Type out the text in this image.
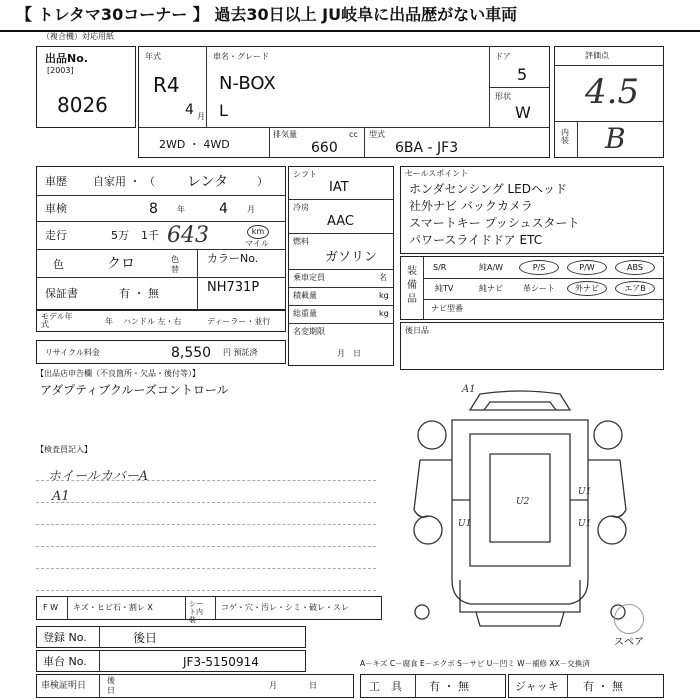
【 トレタマ30コーナー 】 過去30日以上 JU岐阜に出品歴がない車両
（複合機）対応用紙
出品No.
[2003]
8026
年式
R4
4 月
車名・グレード
N-BOX
L
ドア
5
形状
W
2WD ・ 4WD
排気量	cc
660
型式
6BA - JF3
評価点
4.5
内装 B
車歴 自家用 ・ （ レンタ	）
車検	8 年 4 月
走行	5万 1千 643	km
マイル
色	クロ	色替
カラーNo.
NH731P
保証書	有 ・ 無
モデル年式	年 ハンドル 左・右	ディーラー・並行
リサイクル料金	8,550 円 預託済
シフト
IAT
冷房
AAC
燃料
ガソリン
乗車定員	名
積載量	kg
総重量	kg
名変期限
月　日
セールスポイント
ホンダセンシング LEDヘッド
社外ナビ バックカメラ
スマートキー プッシュスタート
パワースライドドア ETC
装備品
S/R	純A/W	P/S	P/W	ABS
純TV	純ナビ	革シート	外ナビ	エアB
ナビ型番
後日品
【出品店申告欄（不良箇所・欠品・後付等）】
アダプティブクルーズコントロール
【検査員記入】
ホイールカバーA
A1
A1
U2
U1
U1
U1
スペア
F W キズ・ヒビ石・割レ X	シート内装
コゲ・穴・汚レ・シミ・破レ・スレ
登録 No.	後日
車台 No.	JF3-5150914
車検証明日
後
日
月	日
A－キズ C－腐食 E－エクボ S－サビ U－凹ミ W－補修 XX－交換済
工　具 有 ・ 無	ジャッキ 有 ・ 無
